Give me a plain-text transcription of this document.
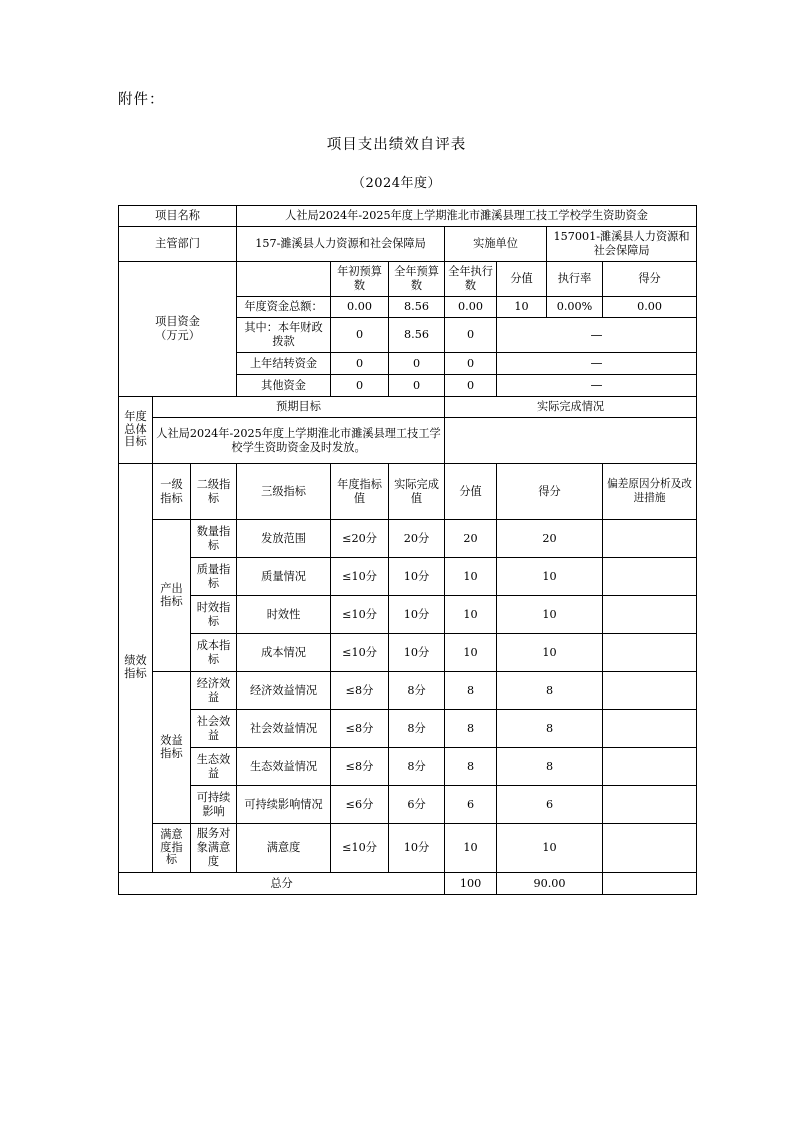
附件：
项目支出绩效自评表
（2024年度）
项目名称			人社局2024年-2025年度上学期淮北市濉溪县理工技工学校学生资助资金						
主管部门			157-濉溪县人力资源和社会保障局			实施单位		157001-濉溪县人力资源和社会保障局	

项目资金
（万元）				年初预算数	全年预算数	全年执行数	分值	执行率	得分
			年度资金总额：	0.00	8.56	0.00	10	0.00%	0.00
			其中：本年财政拨款	0	8.56	0	—		
			上年结转资金	0	0	0	—		
			其他资金	0	0	0	—		
年度总体目标	预期目标					实际完成情况			
	人社局2024年-2025年度上学期淮北市濉溪县理工技工学校学生资助资金及时发放。								
绩效指标	一级指标	二级指标	三级指标	年度指标值	实际完成值	分值	得分		偏差原因分析及改进措施
	产出指标	数量指标	发放范围	≤20分	20分	20	20		
		质量指标	质量情况	≤10分	10分	10	10		
		时效指标	时效性	≤10分	10分	10	10		
		成本指标	成本情况	≤10分	10分	10	10		
	效益指标	经济效益	经济效益情况	≤8分	8分	8	8		
		社会效益	社会效益情况	≤8分	8分	8	8		
		生态效益	生态效益情况	≤8分	8分	8	8		
		可持续影响	可持续影响情况	≤6分	6分	6	6		
	满意度指标	服务对象满意度	满意度	≤10分	10分	10	10		
总分						100	90.00		
